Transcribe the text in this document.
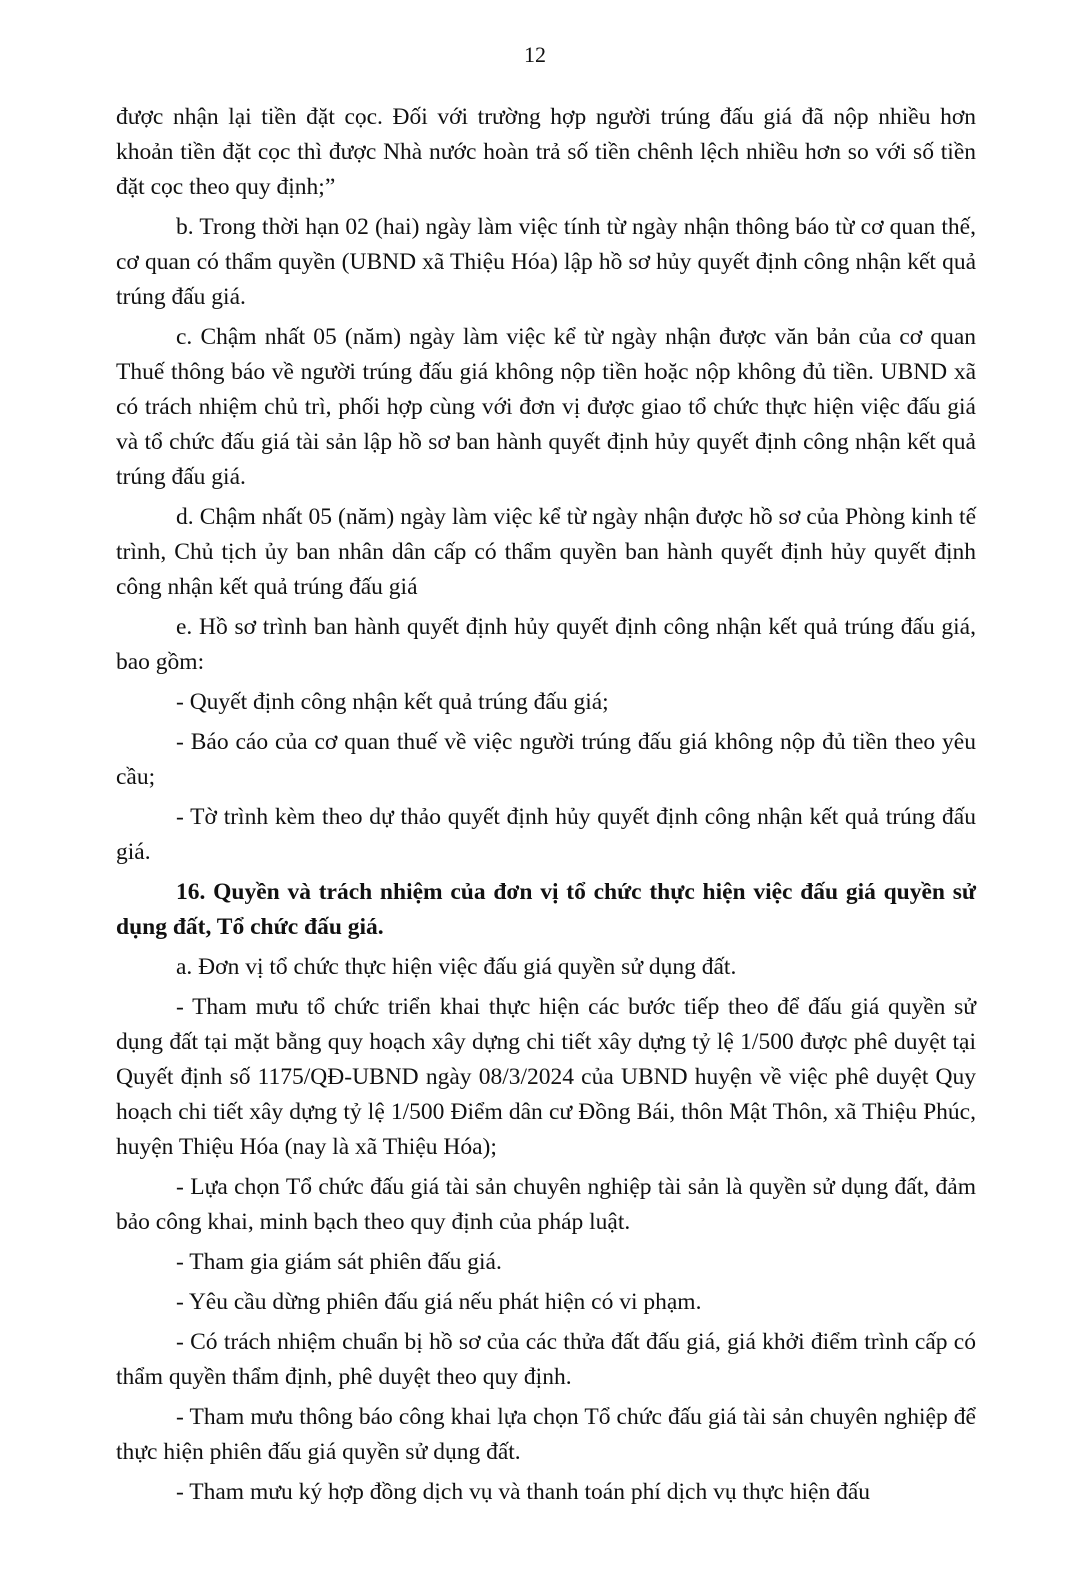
12

được nhận lại tiền đặt cọc. Đối với trường hợp người trúng đấu giá đã nộp nhiều hơn khoản tiền đặt cọc thì được Nhà nước hoàn trả số tiền chênh lệch nhiều hơn so với số tiền đặt cọc theo quy định;”

b. Trong thời hạn 02 (hai) ngày làm việc tính từ ngày nhận thông báo từ cơ quan thế, cơ quan có thẩm quyền (UBND xã Thiệu Hóa) lập hồ sơ hủy quyết định công nhận kết quả trúng đấu giá.

c. Chậm nhất 05 (năm) ngày làm việc kể từ ngày nhận được văn bản của cơ quan Thuế thông báo về người trúng đấu giá không nộp tiền hoặc nộp không đủ tiền. UBND xã có trách nhiệm chủ trì, phối hợp cùng với đơn vị được giao tổ chức thực hiện việc đấu giá và tổ chức đấu giá tài sản lập hồ sơ ban hành quyết định hủy quyết định công nhận kết quả trúng đấu giá.

d. Chậm nhất 05 (năm) ngày làm việc kể từ ngày nhận được hồ sơ của Phòng kinh tế trình, Chủ tịch ủy ban nhân dân cấp có thẩm quyền ban hành quyết định hủy quyết định công nhận kết quả trúng đấu giá

e. Hồ sơ trình ban hành quyết định hủy quyết định công nhận kết quả trúng đấu giá, bao gồm:

- Quyết định công nhận kết quả trúng đấu giá;

- Báo cáo của cơ quan thuế về việc người trúng đấu giá không nộp đủ tiền theo yêu cầu;

- Tờ trình kèm theo dự thảo quyết định hủy quyết định công nhận kết quả trúng đấu giá.

16. Quyền và trách nhiệm của đơn vị tổ chức thực hiện việc đấu giá quyền sử dụng đất, Tổ chức đấu giá.

a. Đơn vị tổ chức thực hiện việc đấu giá quyền sử dụng đất.

- Tham mưu tổ chức triển khai thực hiện các bước tiếp theo để đấu giá quyền sử dụng đất tại mặt bằng quy hoạch xây dựng chi tiết xây dựng tỷ lệ 1/500 được phê duyệt tại Quyết định số 1175/QĐ-UBND ngày 08/3/2024 của UBND huyện về việc phê duyệt Quy hoạch chi tiết xây dựng tỷ lệ 1/500 Điểm dân cư Đồng Bái, thôn Mật Thôn, xã Thiệu Phúc, huyện Thiệu Hóa (nay là xã Thiệu Hóa);

- Lựa chọn Tổ chức đấu giá tài sản chuyên nghiệp tài sản là quyền sử dụng đất, đảm bảo công khai, minh bạch theo quy định của pháp luật.

- Tham gia giám sát phiên đấu giá.

- Yêu cầu dừng phiên đấu giá nếu phát hiện có vi phạm.

- Có trách nhiệm chuẩn bị hồ sơ của các thửa đất đấu giá, giá khởi điểm trình cấp có thẩm quyền thẩm định, phê duyệt theo quy định.

- Tham mưu thông báo công khai lựa chọn Tổ chức đấu giá tài sản chuyên nghiệp để thực hiện phiên đấu giá quyền sử dụng đất.

- Tham mưu ký hợp đồng dịch vụ và thanh toán phí dịch vụ thực hiện đấu
